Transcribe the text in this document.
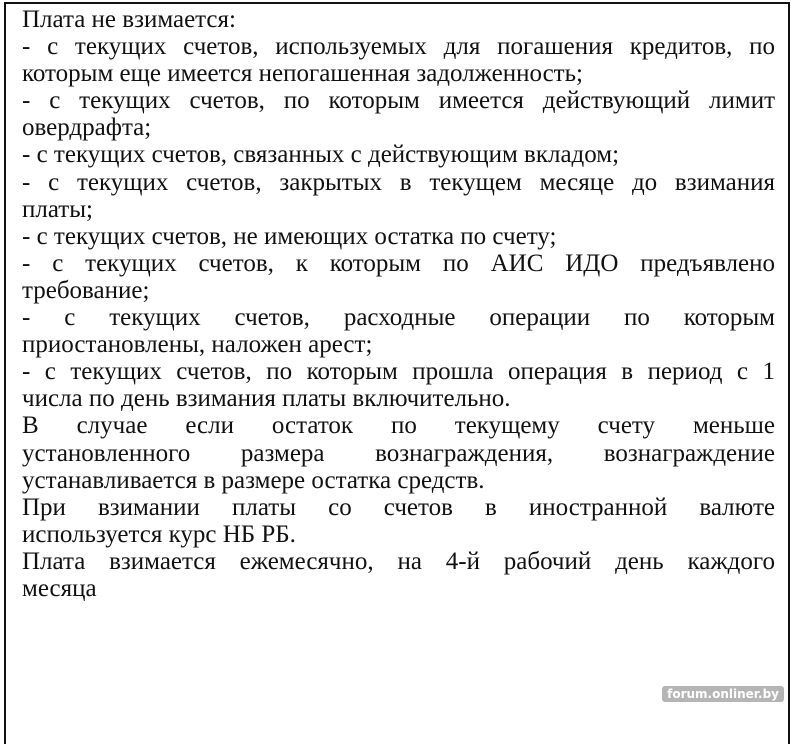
Плата не взимается:
- с текущих счетов, используемых для погашения кредитов, по
которым еще имеется непогашенная задолженность;
- с текущих счетов, по которым имеется действующий лимит
овердрафта;
- с текущих счетов, связанных с действующим вкладом;
- с текущих счетов, закрытых в текущем месяце до взимания
платы;
- с текущих счетов, не имеющих остатка по счету;
- с текущих счетов, к которым по АИС ИДО предъявлено
требование;
- с текущих счетов, расходные операции по которым
приостановлены, наложен арест;
- с текущих счетов, по которым прошла операция в период с 1
числа по день взимания платы включительно.
В случае если остаток по текущему счету меньше
установленного размера вознаграждения, вознаграждение
устанавливается в размере остатка средств.
При взимании платы со счетов в иностранной валюте
используется курс НБ РБ.
Плата взимается ежемесячно, на 4-й рабочий день каждого
месяца
forum.onliner.by
